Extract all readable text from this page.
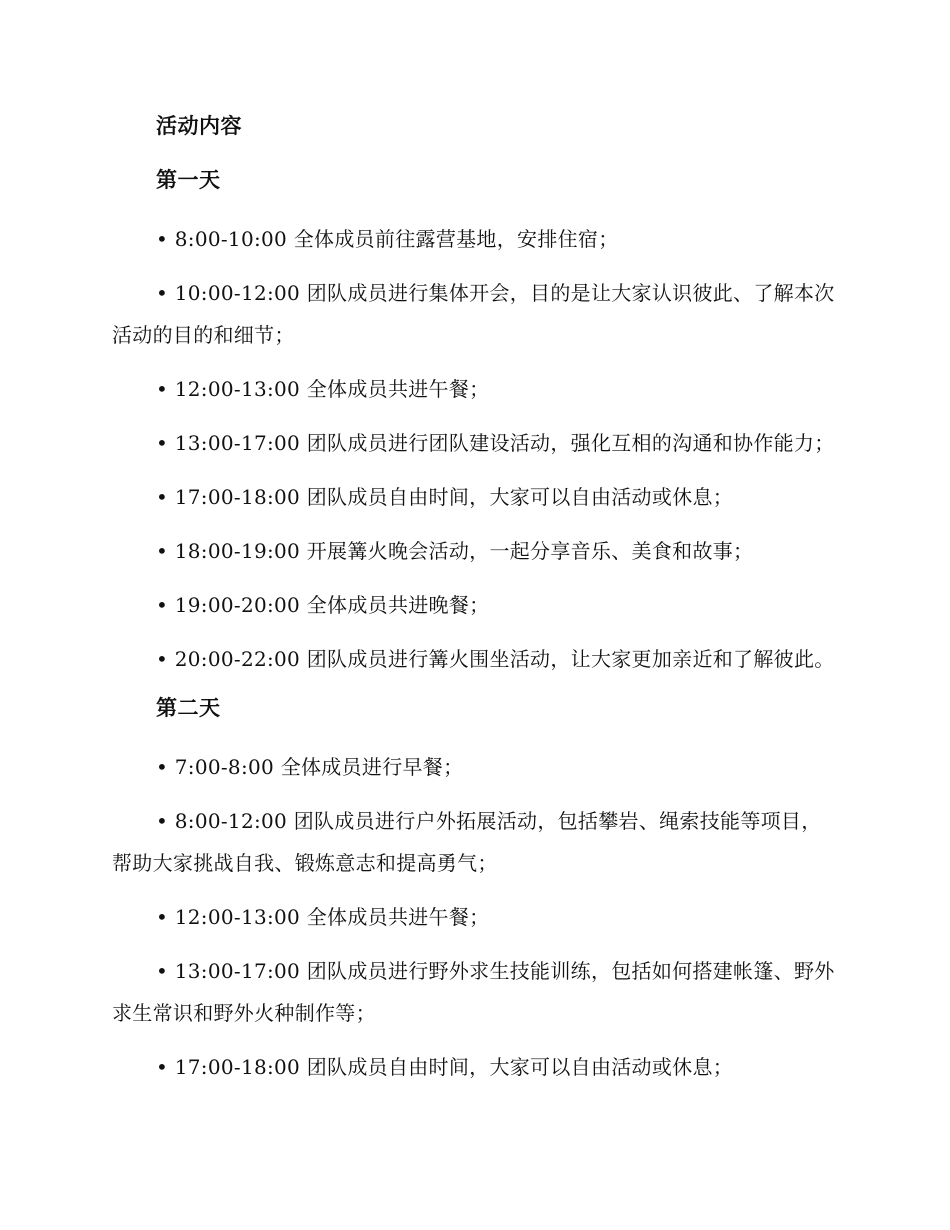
活动内容
第一天
• 8:00-10:00 全体成员前往露营基地，安排住宿；
• 10:00-12:00 团队成员进行集体开会，目的是让大家认识彼此、了解本次活动的目的和细节；
• 12:00-13:00 全体成员共进午餐；
• 13:00-17:00 团队成员进行团队建设活动，强化互相的沟通和协作能力；
• 17:00-18:00 团队成员自由时间，大家可以自由活动或休息；
• 18:00-19:00 开展篝火晚会活动，一起分享音乐、美食和故事；
• 19:00-20:00 全体成员共进晚餐；
• 20:00-22:00 团队成员进行篝火围坐活动，让大家更加亲近和了解彼此。
第二天
• 7:00-8:00 全体成员进行早餐；
• 8:00-12:00 团队成员进行户外拓展活动，包括攀岩、绳索技能等项目，帮助大家挑战自我、锻炼意志和提高勇气；
• 12:00-13:00 全体成员共进午餐；
• 13:00-17:00 团队成员进行野外求生技能训练，包括如何搭建帐篷、野外求生常识和野外火种制作等；
• 17:00-18:00 团队成员自由时间，大家可以自由活动或休息；
